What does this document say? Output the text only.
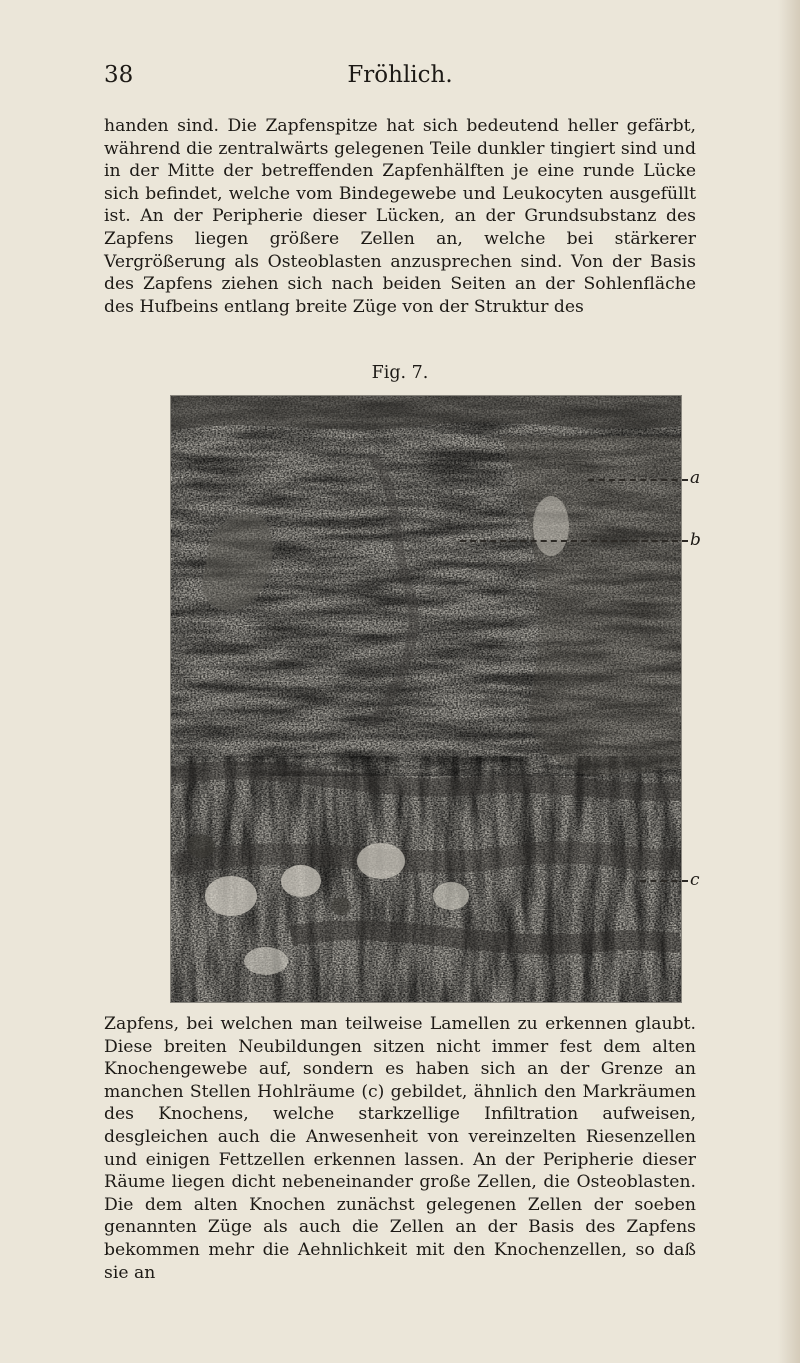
38	Fröhlich.

handen sind. Die Zapfenspitze hat sich bedeutend heller gefärbt, während die zentralwärts gelegenen Teile dunkler tingiert sind und in der Mitte der betreffenden Zapfenhälften je eine runde Lücke sich befindet, welche vom Bindegewebe und Leukocyten ausgefüllt ist. An der Peripherie dieser Lücken, an der Grundsubstanz des Zapfens liegen größere Zellen an, welche bei stärkerer Vergrößerung als Osteoblasten anzusprechen sind. Von der Basis des Zapfens ziehen sich nach beiden Seiten an der Sohlenfläche des Hufbeins entlang breite Züge von der Struktur des

Fig. 7.
a
b
c

Zapfens, bei welchen man teilweise Lamellen zu erkennen glaubt. Diese breiten Neubildungen sitzen nicht immer fest dem alten Knochengewebe auf, sondern es haben sich an der Grenze an manchen Stellen Hohlräume (c) gebildet, ähnlich den Markräumen des Knochens, welche starkzellige Infiltration aufweisen, desgleichen auch die Anwesenheit von vereinzelten Riesenzellen und einigen Fettzellen erkennen lassen. An der Peripherie dieser Räume liegen dicht nebeneinander große Zellen, die Osteoblasten. Die dem alten Knochen zunächst gelegenen Zellen der soeben genannten Züge als auch die Zellen an der Basis des Zapfens bekommen mehr die Aehnlichkeit mit den Knochenzellen, so daß sie an
